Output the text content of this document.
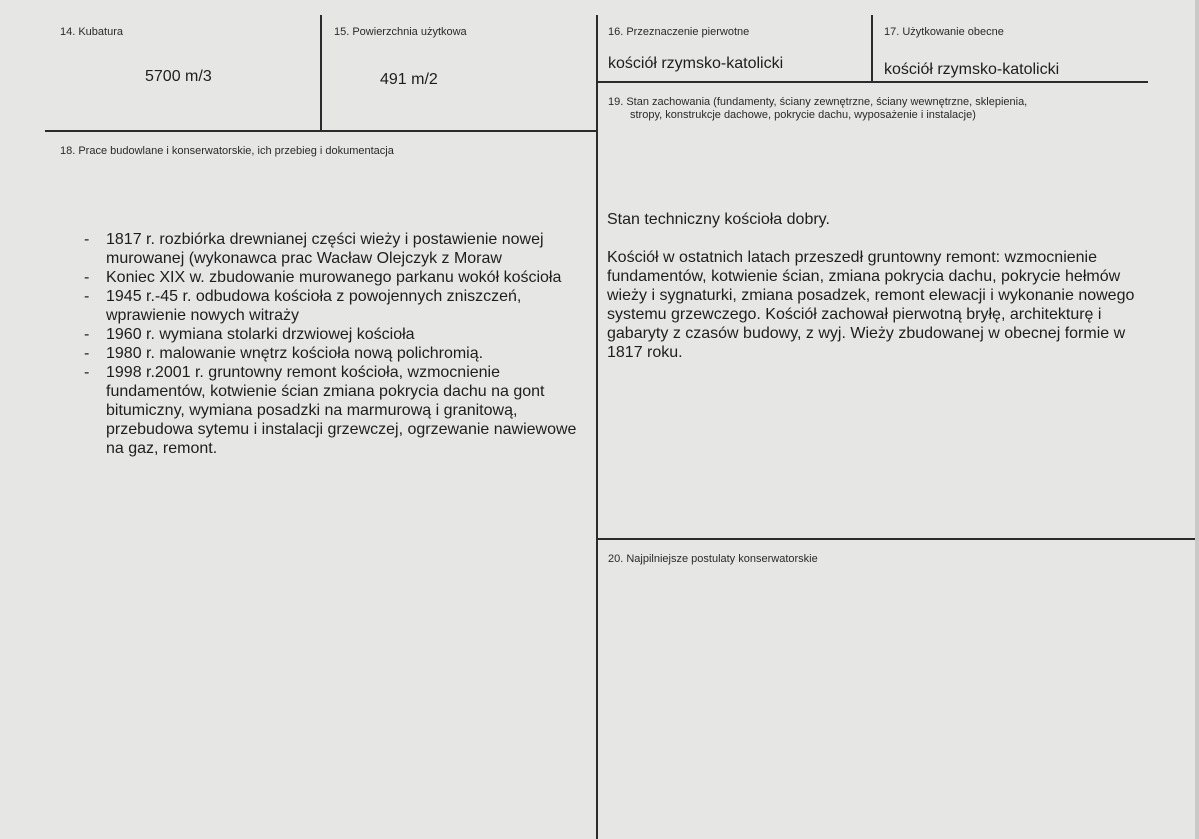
14. Kubatura
5700 m/3
15. Powierzchnia użytkowa
491 m/2
16. Przeznaczenie pierwotne
kościół rzymsko-katolicki
17. Użytkowanie obecne
kościół rzymsko-katolicki
19. Stan zachowania (fundamenty, ściany zewnętrzne, ściany wewnętrzne, sklepienia,
stropy, konstrukcje dachowe, pokrycie dachu, wyposażenie i instalacje)

Stan techniczny kościoła dobry.

Kościół w ostatnich latach przeszedł gruntowny remont: wzmocnienie fundamentów, kotwienie ścian, zmiana pokrycia dachu, pokrycie hełmów wieży i sygnaturki, zmiana posadzek, remont elewacji i wykonanie nowego systemu grzewczego. Kościół zachował pierwotną bryłę, architekturę i gabaryty z czasów budowy, z wyj. Wieży zbudowanej w obecnej formie w 1817 roku.

18. Prace budowlane i konserwatorskie, ich przebieg i dokumentacja
- 1817 r. rozbiórka drewnianej części wieży i postawienie nowej murowanej (wykonawca prac Wacław Olejczyk z Moraw
- Koniec XIX w. zbudowanie murowanego parkanu wokół kościoła
- 1945 r.-45 r. odbudowa kościoła z powojennych zniszczeń, wprawienie nowych witraży
- 1960 r. wymiana stolarki drzwiowej kościoła
- 1980 r. malowanie wnętrz kościoła nową polichromią.
- 1998 r.2001 r. gruntowny remont kościoła, wzmocnienie fundamentów, kotwienie ścian zmiana pokrycia dachu na gont bitumiczny, wymiana posadzki na marmurową i granitową, przebudowa sytemu i instalacji grzewczej, ogrzewanie nawiewowe na gaz, remont.
20. Najpilniejsze postulaty konserwatorskie
